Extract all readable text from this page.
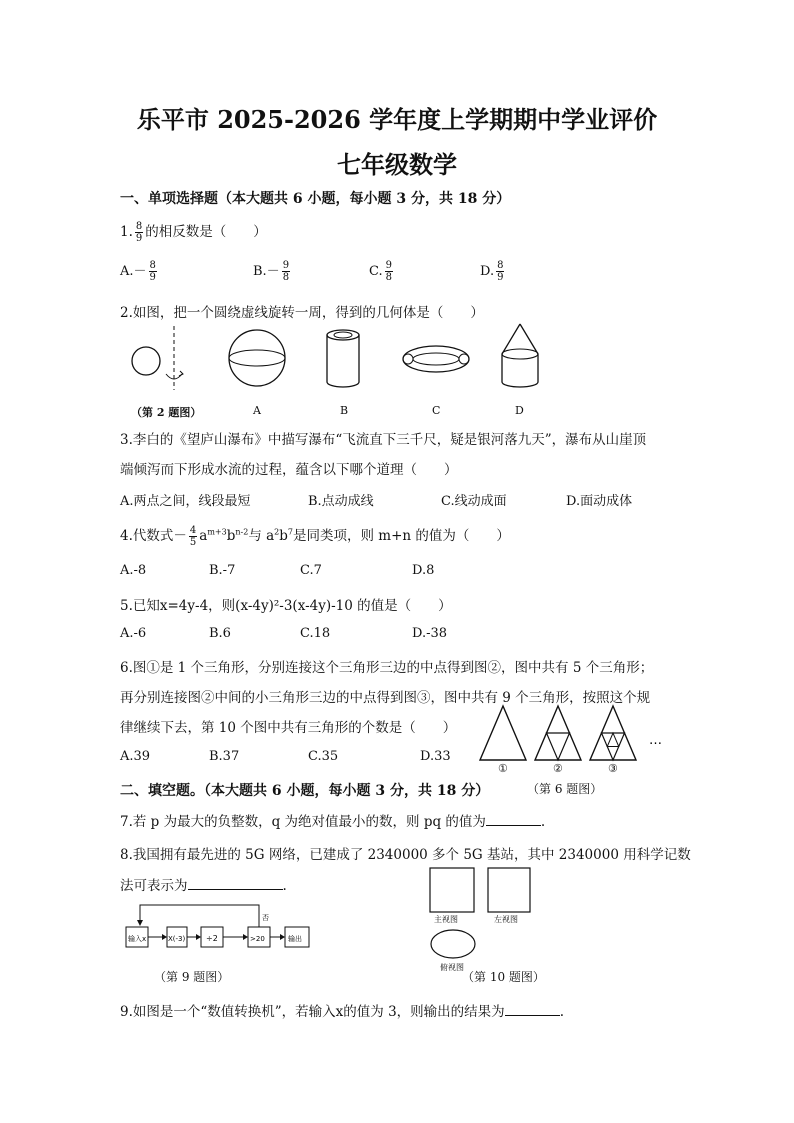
乐平市 2025-2026 学年度上学期期中学业评价
七年级数学
一、单项选择题（本大题共 6 小题，每小题 3 分，共 18 分）
1. $\frac{8}{9}$ 的相反数是（　　）
$A.- \frac{8}{9}$	$B.- \frac{9}{8}$	C. $\frac{9}{8}$	D. $\frac{8}{9}$
2.如图，把一个圆绕虚线旋转一周，得到的几何体是（　　）
（第 2 题图）	A	B	C	D
3.李白的《望庐山瀑布》中描写瀑布“飞流直下三千尺，疑是银河落九天”，瀑布从山崖顶
端倾泻而下形成水流的过程，蕴含以下哪个道理（　　）
A.两点之间，线段最短	B.点动成线	C.线动成面	D.面动成体
4.代数式－ $\frac{4}{5} a^{m+3}b^{n-2}$与 $a^2b^7$是同类项，则 m+n 的值为（　　）
A.-8	B.-7	C.7	D.8
5.已知x=4y-4，则(x-4y)²-3(x-4y)-10 的值是（　　）
A.-6	B.6	C.18	D.-38
6.图①是 1 个三角形，分别连接这个三角形三边的中点得到图②，图中共有 5 个三角形；
再分别连接图②中间的小三角形三边的中点得到图③，图中共有 9 个三角形，按照这个规
律继续下去，第 10 个图中共有三角形的个数是（　　）
A.39	B.37	C.35	D.33
…
①	②	③
二、填空题。（本大题共 6 小题，每小题 3 分，共 18 分）	（第 6 题图）
7.若 p 为最大的负整数，q 为绝对值最小的数，则 pq 的值为	.
8.我国拥有最先进的 5G 网络，已建成了 2340000 多个 5G 基站，其中 2340000 用科学记数
法可表示为	.
输入x	X(-3)	÷2	>20	输出
否
（第 9 题图）
主视图	左视图
俯视图
（第 10 题图）
9.如图是一个“数值转换机”，若输入x的值为 3，则输出的结果为	.
